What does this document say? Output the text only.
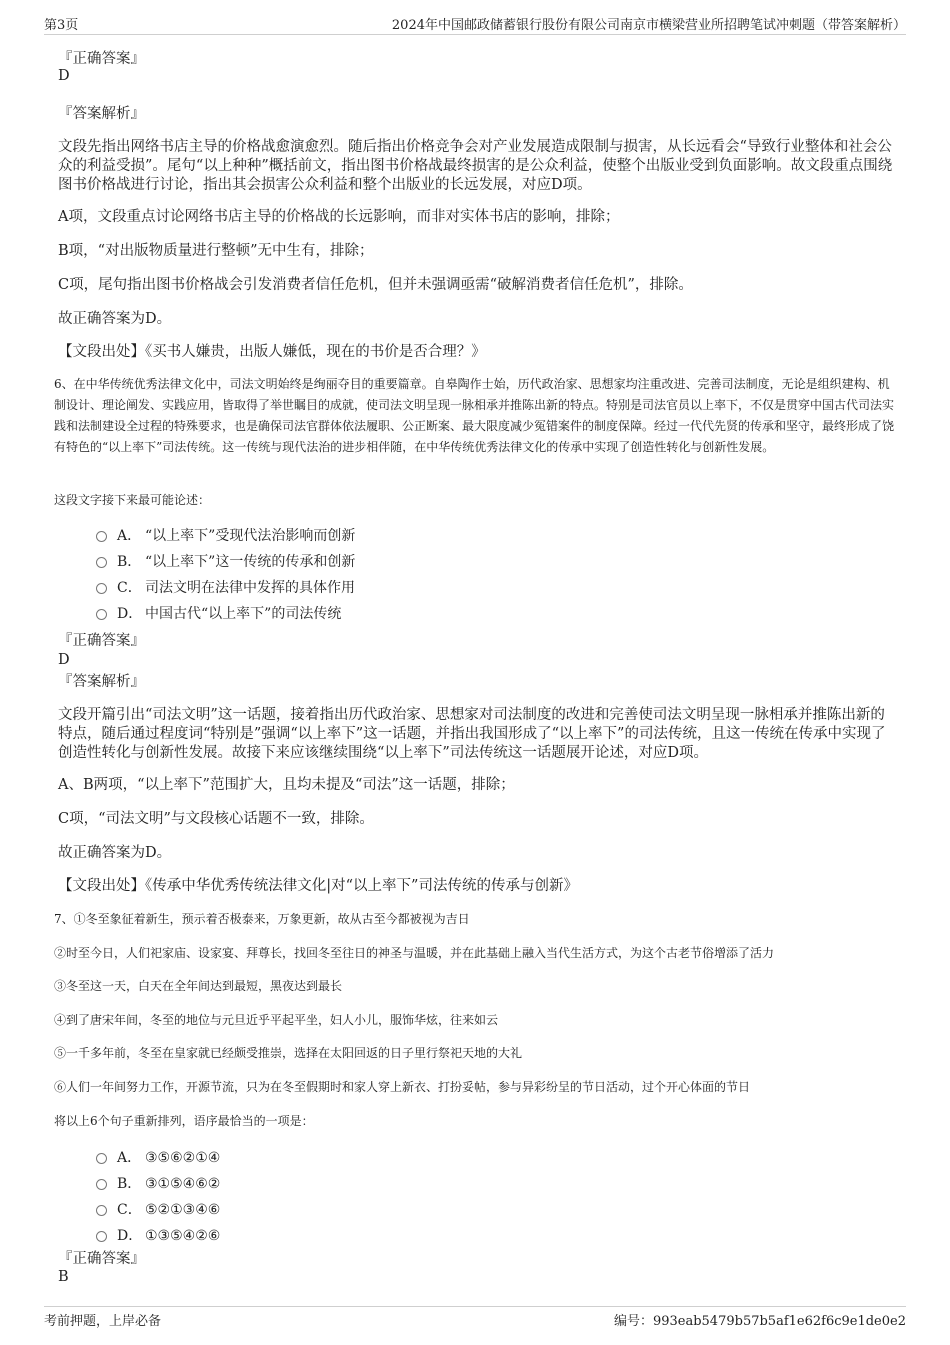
第3页	2024年中国邮政储蓄银行股份有限公司南京市横梁营业所招聘笔试冲刺题（带答案解析）
『正确答案』
D
『答案解析』
文段先指出网络书店主导的价格战愈演愈烈。随后指出价格竞争会对产业发展造成限制与损害，从长远看会“导致行业整体和社会公众的利益受损”。尾句“以上种种”概括前文，指出图书价格战最终损害的是公众利益，使整个出版业受到负面影响。故文段重点围绕图书价格战进行讨论，指出其会损害公众利益和整个出版业的长远发展，对应D项。
A项，文段重点讨论网络书店主导的价格战的长远影响，而非对实体书店的影响，排除；
B项，“对出版物质量进行整顿”无中生有，排除；
C项，尾句指出图书价格战会引发消费者信任危机，但并未强调亟需“破解消费者信任危机”，排除。
故正确答案为D。
【文段出处】《买书人嫌贵，出版人嫌低，现在的书价是否合理？》
6、在中华传统优秀法律文化中，司法文明始终是绚丽夺目的重要篇章。自皋陶作士始，历代政治家、思想家均注重改进、完善司法制度，无论是组织建构、机制设计、理论阐发、实践应用，皆取得了举世瞩目的成就，使司法文明呈现一脉相承并推陈出新的特点。特别是司法官员以上率下，不仅是贯穿中国古代司法实践和法制建设全过程的特殊要求，也是确保司法官群体依法履职、公正断案、最大限度减少冤错案件的制度保障。经过一代代先贤的传承和坚守，最终形成了饶有特色的“以上率下”司法传统。这一传统与现代法治的进步相伴随，在中华传统优秀法律文化的传承中实现了创造性转化与创新性发展。
这段文字接下来最可能论述：
A． “以上率下”受现代法治影响而创新
B． “以上率下”这一传统的传承和创新
C． 司法文明在法律中发挥的具体作用
D． 中国古代“以上率下”的司法传统
『正确答案』
D
『答案解析』
文段开篇引出“司法文明”这一话题，接着指出历代政治家、思想家对司法制度的改进和完善使司法文明呈现一脉相承并推陈出新的特点，随后通过程度词“特别是”强调“以上率下”这一话题，并指出我国形成了“以上率下”的司法传统，且这一传统在传承中实现了创造性转化与创新性发展。故接下来应该继续围绕“以上率下”司法传统这一话题展开论述，对应D项。
A、B两项，“以上率下”范围扩大，且均未提及“司法”这一话题，排除；
C项，“司法文明”与文段核心话题不一致，排除。
故正确答案为D。
【文段出处】《传承中华优秀传统法律文化|对“以上率下”司法传统的传承与创新》
7、①冬至象征着新生，预示着否极泰来，万象更新，故从古至今都被视为吉日
②时至今日，人们祀家庙、设家宴、拜尊长，找回冬至往日的神圣与温暖，并在此基础上融入当代生活方式，为这个古老节俗增添了活力
③冬至这一天，白天在全年间达到最短，黑夜达到最长
④到了唐宋年间，冬至的地位与元旦近乎平起平坐，妇人小儿，服饰华炫，往来如云
⑤一千多年前，冬至在皇家就已经颇受推崇，选择在太阳回返的日子里行祭祀天地的大礼
⑥人们一年间努力工作，开源节流，只为在冬至假期时和家人穿上新衣、打扮妥帖，参与异彩纷呈的节日活动，过个开心体面的节日
将以上6个句子重新排列，语序最恰当的一项是：
A． ③⑤⑥②①④
B． ③①⑤④⑥②
C． ⑤②①③④⑥
D． ①③⑤④②⑥
『正确答案』
B
考前押题，上岸必备	编号：993eab5479b57b5af1e62f6c9e1de0e2
